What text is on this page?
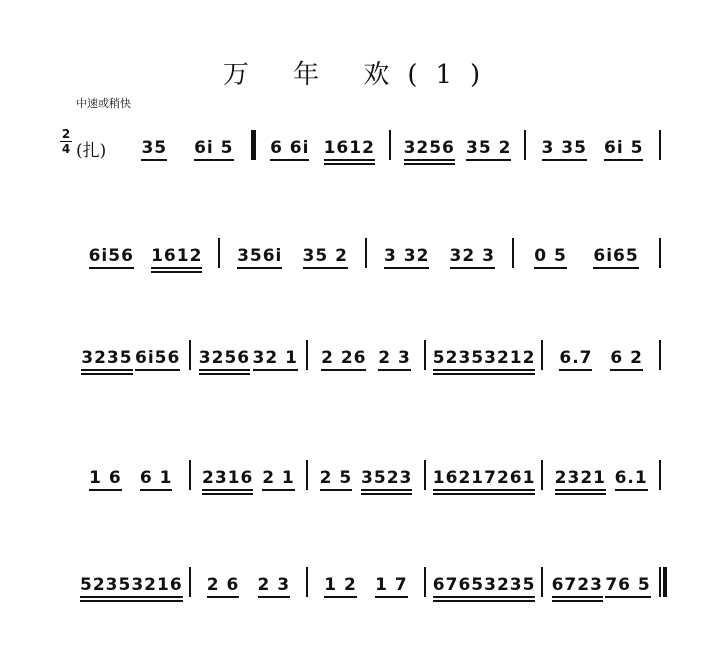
万 年 欢(1)
中速或稍快
2
4 (扎) 35 6i 5 6 6i 1612 3256 35 2 3 35 6i 5
6i56 1612 356i 35 2 3 32 32 3 0 5 6i65
3235 6i56 3256 32 1 2 26 2 3 5235 3212 6.7 6 2
1 6 6 1 2316 2 1 2 5 3523 1621 7261 2321 6.1
5235 3216 2 6 2 3 1 2 1 7 6765 3235 6723 76 5
